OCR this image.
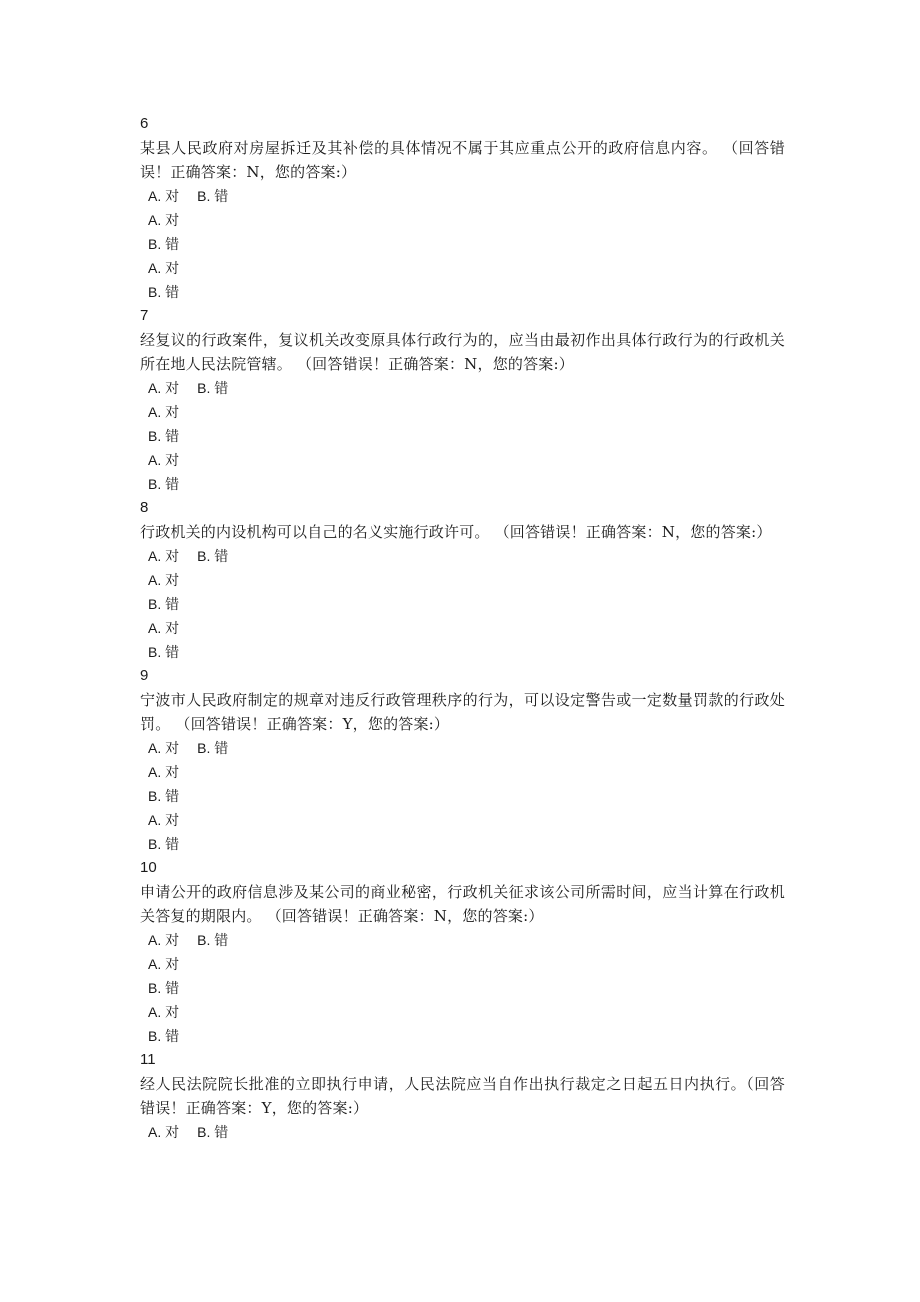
6
某县人民政府对房屋拆迁及其补偿的具体情况不属于其应重点公开的政府信息内容。 （回答错误！正确答案：N，您的答案:）
A. 对 B. 错
A. 对
B. 错
A. 对
B. 错
7
经复议的行政案件，复议机关改变原具体行政行为的，应当由最初作出具体行政行为的行政机关所在地人民法院管辖。 （回答错误！正确答案：N，您的答案:）
A. 对 B. 错
A. 对
B. 错
A. 对
B. 错
8
行政机关的内设机构可以自己的名义实施行政许可。 （回答错误！正确答案：N，您的答案:）
A. 对 B. 错
A. 对
B. 错
A. 对
B. 错
9
宁波市人民政府制定的规章对违反行政管理秩序的行为，可以设定警告或一定数量罚款的行政处罚。 （回答错误！正确答案：Y，您的答案:）
A. 对 B. 错
A. 对
B. 错
A. 对
B. 错
10
申请公开的政府信息涉及某公司的商业秘密，行政机关征求该公司所需时间，应当计算在行政机关答复的期限内。 （回答错误！正确答案：N，您的答案:）
A. 对 B. 错
A. 对
B. 错
A. 对
B. 错
11
经人民法院院长批准的立即执行申请，人民法院应当自作出执行裁定之日起五日内执行。（回答错误！正确答案：Y，您的答案:）
A. 对 B. 错
